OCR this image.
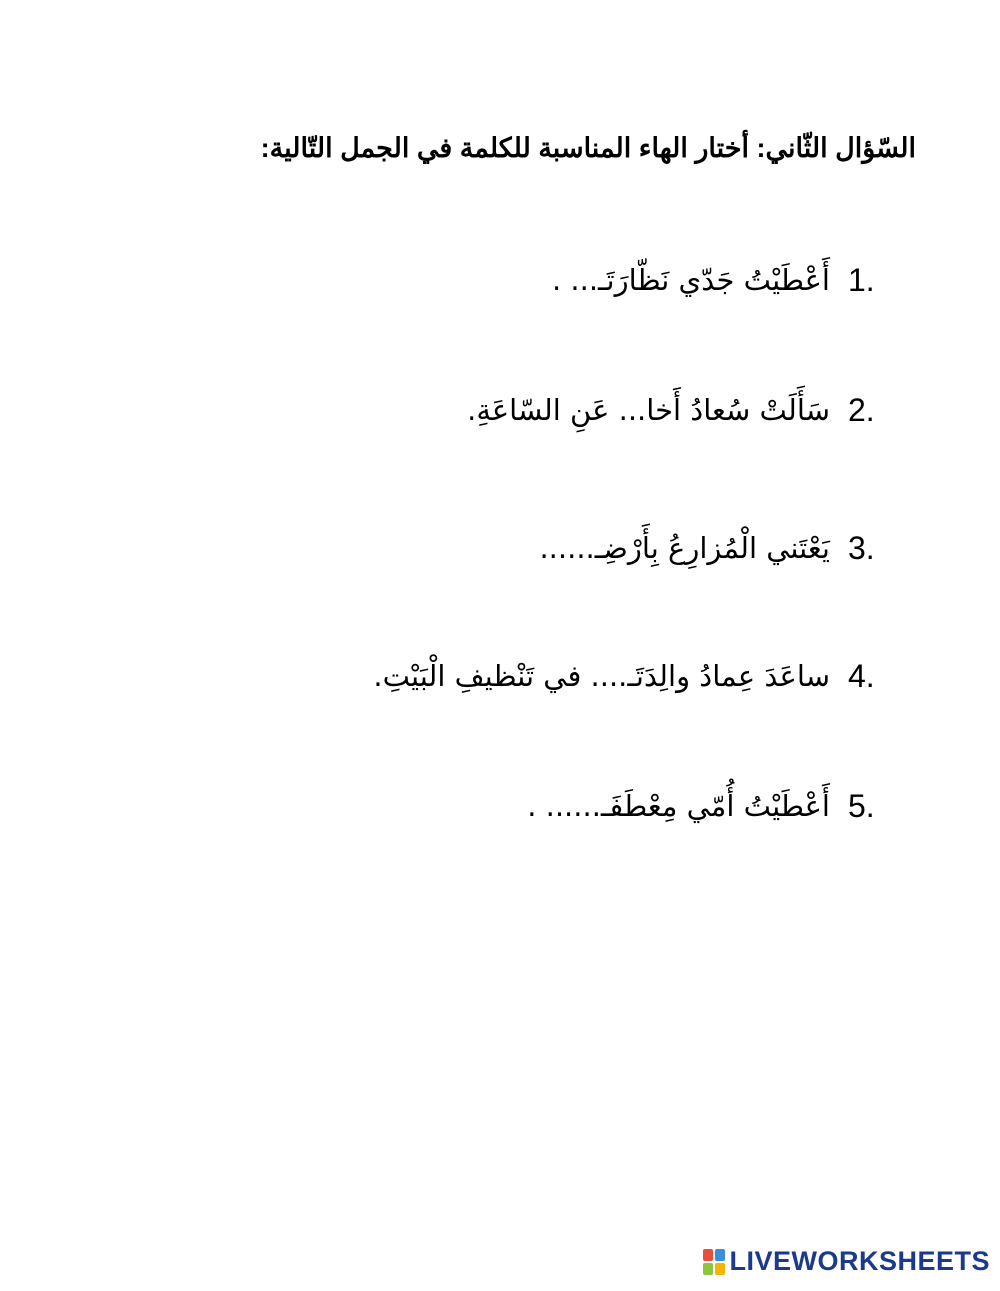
السّؤال الثّاني: أختار الهاء المناسبة للكلمة في الجمل التّالية:
1.
أَعْطَيْتُ جَدّي نَظّارَتَـ... .
2.
سَأَلَتْ سُعادُ أَخا... عَنِ السّاعَةِ.
3.
يَعْتَني الْمُزارِعُ بِأَرْضِـ......
4.
ساعَدَ عِمادُ والِدَتَـ.... في تَنْظيفِ الْبَيْتِ.
5.
أَعْطَيْتُ أُمّي مِعْطَفَـ...... .
LIVEWORKSHEETS
